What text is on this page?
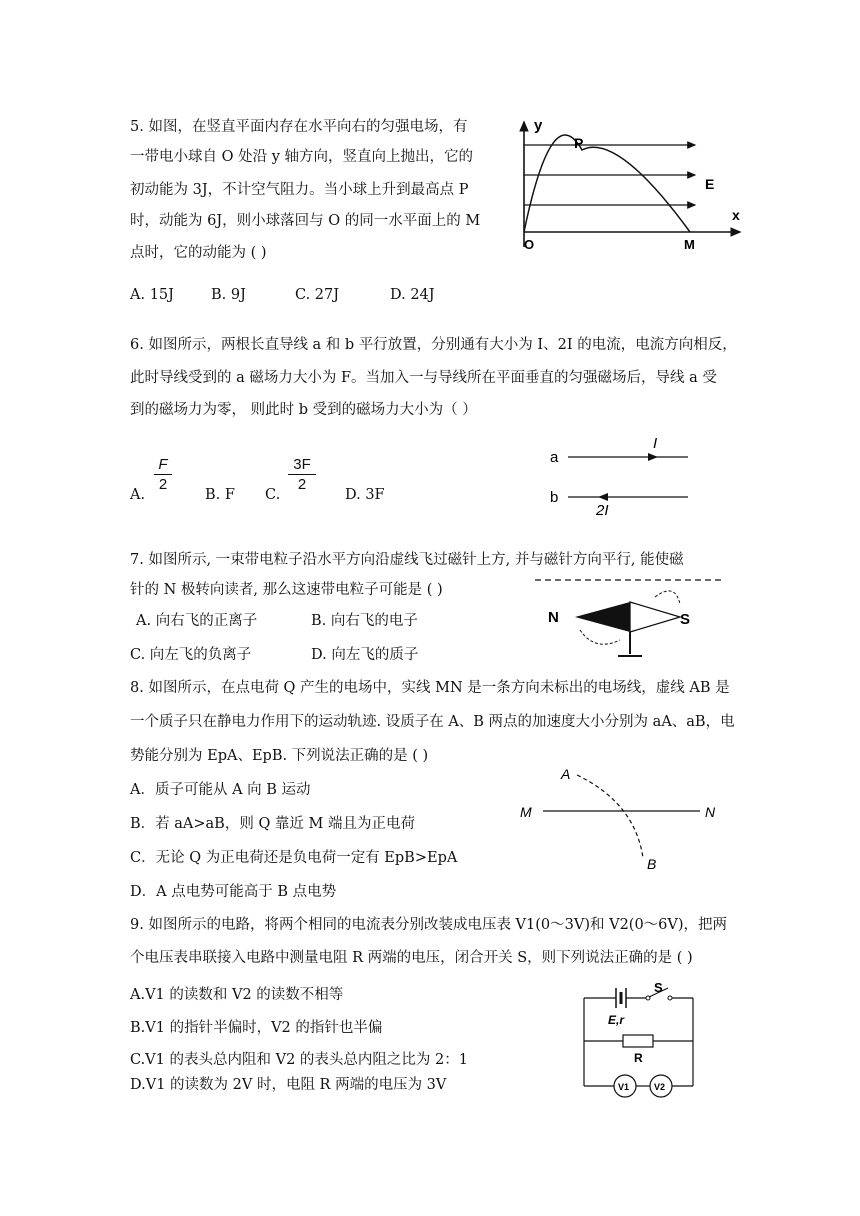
5. 如图，在竖直平面内存在水平向右的匀强电场，有
一带电小球自 O 处沿 y 轴方向，竖直向上抛出，它的
初动能为 3J，不计空气阻力。当小球上升到最高点 P
时，动能为 6J，则小球落回与 O 的同一水平面上的 M
点时，它的动能为 ( )
A. 15J	B. 9J	C. 27J	D. 24J
y
x
P
E
O	M
6. 如图所示，两根长直导线 a 和 b 平行放置，分别通有大小为 I、2I 的电流，电流方向相反，
此时导线受到的 a 磁场力大小为 F。当加入一与导线所在平面垂直的匀强磁场后，导线 a 受
到的磁场力为零， 则此时 b 受到的磁场力大小为（ ）
A.
F
2
B. F C.
3F
2
D. 3F
a
b
I
2I
7. 如图所示, 一束带电粒子沿水平方向沿虚线飞过磁针上方, 并与磁针方向平行, 能使磁
针的 N 极转向读者, 那么这速带电粒子可能是 ( )
A. 向右飞的正离子	B. 向右飞的电子
C. 向左飞的负离子	D. 向左飞的质子
N	S
8. 如图所示，在点电荷 Q 产生的电场中，实线 MN 是一条方向未标出的电场线，虚线 AB 是
一个质子只在静电力作用下的运动轨迹. 设质子在 A、B 两点的加速度大小分别为 aA、aB，电
势能分别为 EpA、EpB. 下列说法正确的是 ( )
A．质子可能从 A 向 B 运动
B．若 aA>aB，则 Q 靠近 M 端且为正电荷
C．无论 Q 为正电荷还是负电荷一定有 EpB>EpA
D．A 点电势可能高于 B 点电势
M	N
A
B
9. 如图所示的电路，将两个相同的电流表分别改装成电压表 V1(0～3V)和 V2(0～6V)，把两
个电压表串联接入电路中测量电阻 R 两端的电压，闭合开关 S，则下列说法正确的是 ( )
A.V1 的读数和 V2 的读数不相等
B.V1 的指针半偏时，V2 的指针也半偏
C.V1 的表头总内阻和 V2 的表头总内阻之比为 2：1
D.V1 的读数为 2V 时，电阻 R 两端的电压为 3V
S
E,r
R
V1	V2
